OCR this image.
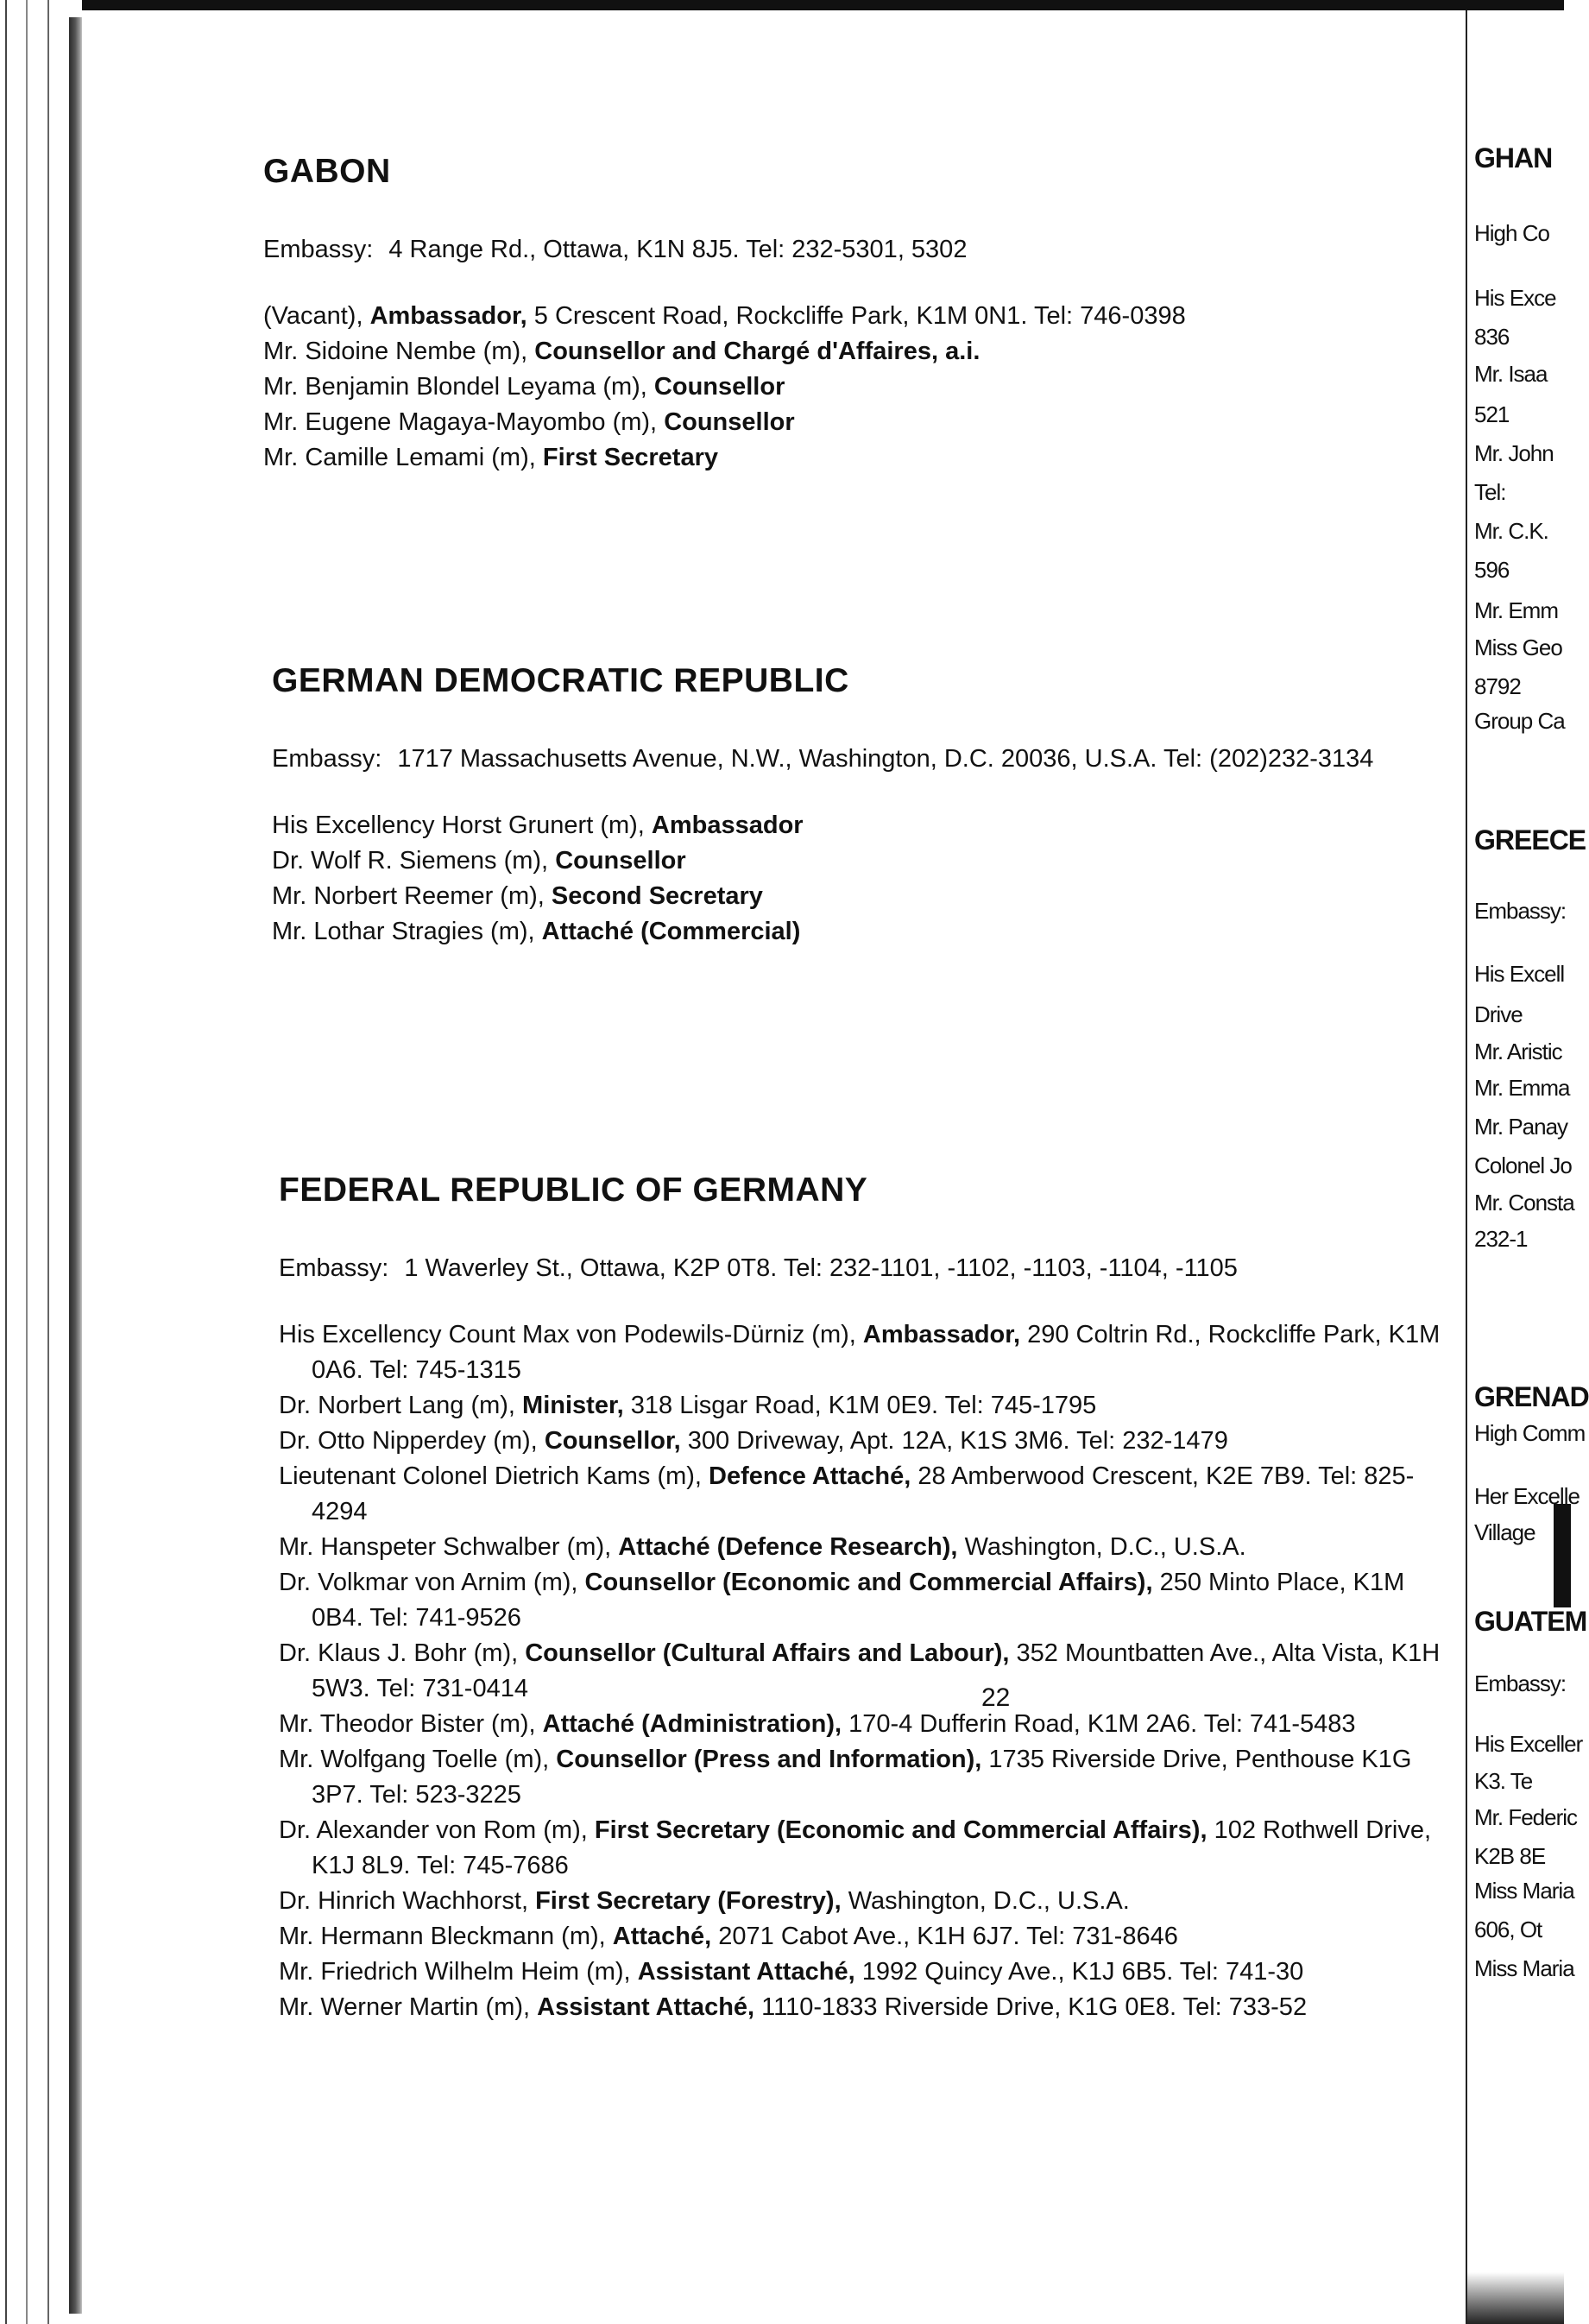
GABON
Embassy: 4 Range Rd., Ottawa, K1N 8J5. Tel: 232-5301, 5302
(Vacant), Ambassador, 5 Crescent Road, Rockcliffe Park, K1M 0N1. Tel: 746-0398
Mr. Sidoine Nembe (m), Counsellor and Chargé d'Affaires, a.i.
Mr. Benjamin Blondel Leyama (m), Counsellor
Mr. Eugene Magaya-Mayombo (m), Counsellor
Mr. Camille Lemami (m), First Secretary
GERMAN DEMOCRATIC REPUBLIC
Embassy: 1717 Massachusetts Avenue, N.W., Washington, D.C. 20036, U.S.A. Tel: (202)232-3134
His Excellency Horst Grunert (m), Ambassador
Dr. Wolf R. Siemens (m), Counsellor
Mr. Norbert Reemer (m), Second Secretary
Mr. Lothar Stragies (m), Attaché (Commercial)
FEDERAL REPUBLIC OF GERMANY
Embassy: 1 Waverley St., Ottawa, K2P 0T8. Tel: 232-1101, -1102, -1103, -1104, -1105
His Excellency Count Max von Podewils-Dürniz (m), Ambassador, 290 Coltrin Rd., Rockcliffe Park, K1M 0A6. Tel: 745-1315
Dr. Norbert Lang (m), Minister, 318 Lisgar Road, K1M 0E9. Tel: 745-1795
Dr. Otto Nipperdey (m), Counsellor, 300 Driveway, Apt. 12A, K1S 3M6. Tel: 232-1479
Lieutenant Colonel Dietrich Kams (m), Defence Attaché, 28 Amberwood Crescent, K2E 7B9. Tel: 825-4294
Mr. Hanspeter Schwalber (m), Attaché (Defence Research), Washington, D.C., U.S.A.
Dr. Volkmar von Arnim (m), Counsellor (Economic and Commercial Affairs), 250 Minto Place, K1M 0B4. Tel: 741-9526
Dr. Klaus J. Bohr (m), Counsellor (Cultural Affairs and Labour), 352 Mountbatten Ave., Alta Vista, K1H 5W3. Tel: 731-0414
Mr. Theodor Bister (m), Attaché (Administration), 170-4 Dufferin Road, K1M 2A6. Tel: 741-5483
Mr. Wolfgang Toelle (m), Counsellor (Press and Information), 1735 Riverside Drive, Penthouse K1G 3P7. Tel: 523-3225
Dr. Alexander von Rom (m), First Secretary (Economic and Commercial Affairs), 102 Rothwell Drive, K1J 8L9. Tel: 745-7686
Dr. Hinrich Wachhorst, First Secretary (Forestry), Washington, D.C., U.S.A.
Mr. Hermann Bleckmann (m), Attaché, 2071 Cabot Ave., K1H 6J7. Tel: 731-8646
Mr. Friedrich Wilhelm Heim (m), Assistant Attaché, 1992 Quincy Ave., K1J 6B5. Tel: 741-30
Mr. Werner Martin (m), Assistant Attaché, 1110-1833 Riverside Drive, K1G 0E8. Tel: 733-52
22
GHAN
High Co
His Exce
836
Mr. Isaa
521
Mr. John
Tel:
Mr. C.K.
596
Mr. Emm
Miss Geo
8792
Group Ca
GREECE
Embassy:
His Excell
Drive
Mr. Aristic
Mr. Emma
Mr. Panay
Colonel Jo
Mr. Consta
232-1
GRENAD
High Comm
Her Excelle
Village
GUATEM
Embassy:
His Exceller
K3. Te
Mr. Federic
K2B 8E
Miss Maria
606, Ot
Miss Maria
